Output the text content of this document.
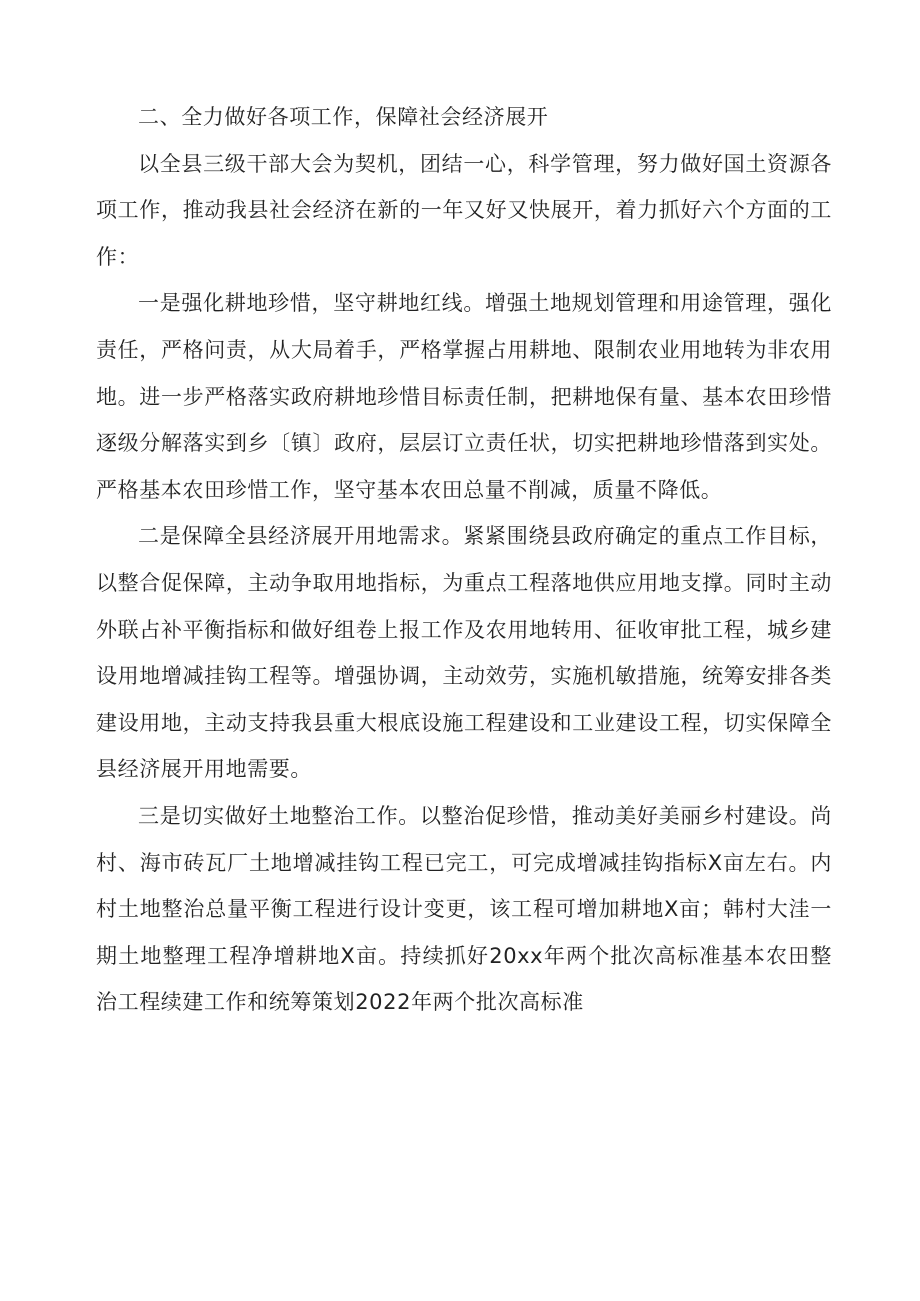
二、全力做好各项工作，保障社会经济展开

以全县三级干部大会为契机，团结一心，科学管理，努力做好国土资源各项工作，推动我县社会经济在新的一年又好又快展开，着力抓好六个方面的工作：

一是强化耕地珍惜，坚守耕地红线。增强土地规划管理和用途管理，强化责任，严格问责，从大局着手，严格掌握占用耕地、限制农业用地转为非农用地。进一步严格落实政府耕地珍惜目标责任制，把耕地保有量、基本农田珍惜逐级分解落实到乡〔镇〕政府，层层订立责任状，切实把耕地珍惜落到实处。严格基本农田珍惜工作，坚守基本农田总量不削减，质量不降低。

二是保障全县经济展开用地需求。紧紧围绕县政府确定的重点工作目标，以整合促保障，主动争取用地指标，为重点工程落地供应用地支撑。同时主动外联占补平衡指标和做好组卷上报工作及农用地转用、征收审批工程，城乡建设用地增减挂钩工程等。增强协调，主动效劳，实施机敏措施，统筹安排各类建设用地，主动支持我县重大根底设施工程建设和工业建设工程，切实保障全县经济展开用地需要。

三是切实做好土地整治工作。以整治促珍惜，推动美好美丽乡村建设。尚村、海市砖瓦厂土地增减挂钩工程已完工，可完成增减挂钩指标X亩左右。内村土地整治总量平衡工程进行设计变更，该工程可增加耕地X亩；韩村大洼一期土地整理工程净增耕地X亩。持续抓好20xx年两个批次高标准基本农田整治工程续建工作和统筹策划2022年两个批次高标准
